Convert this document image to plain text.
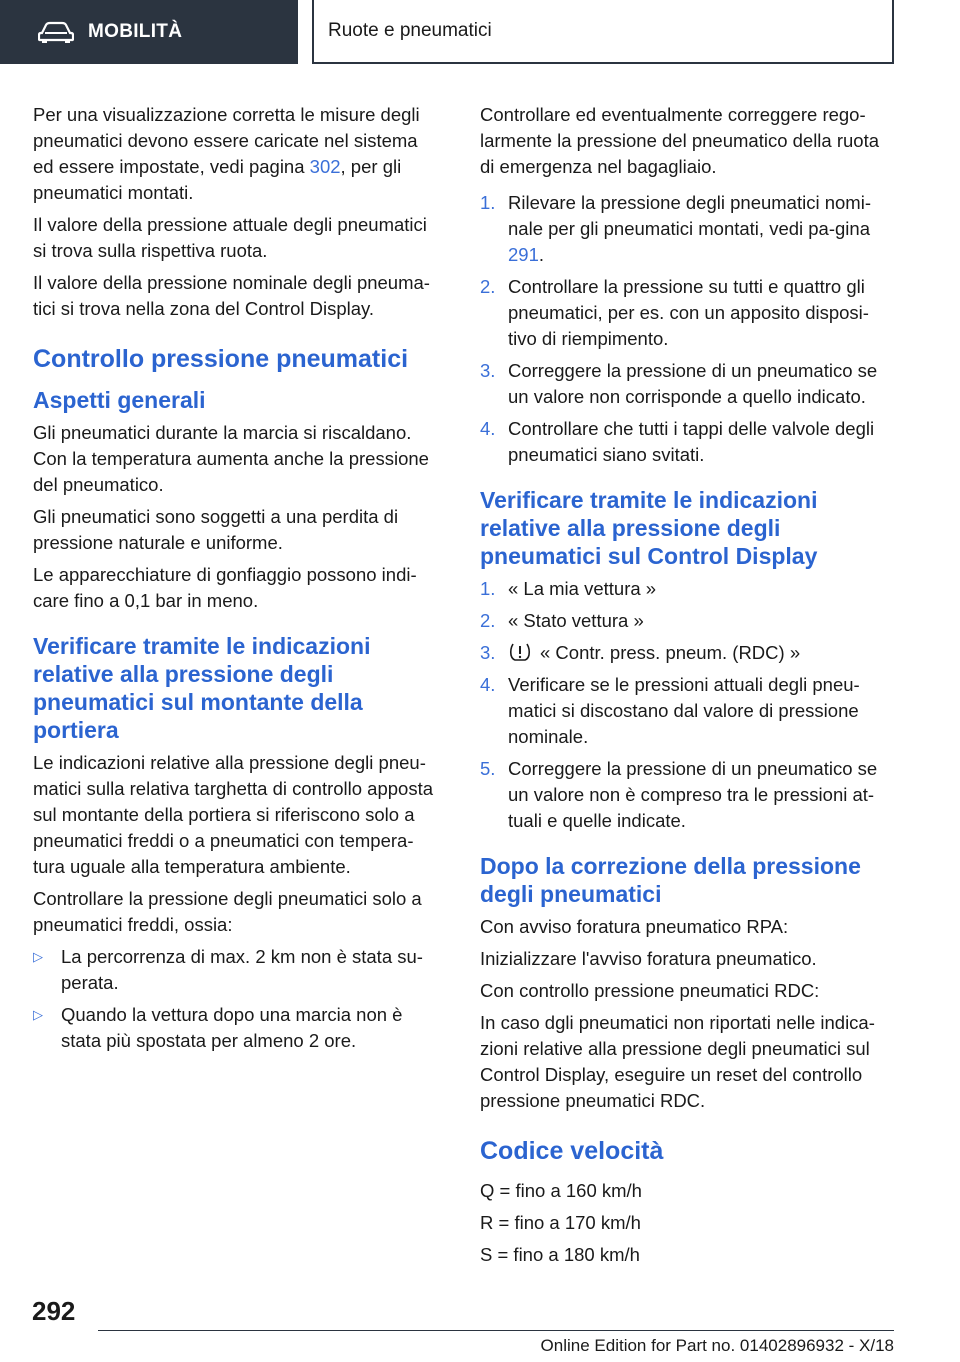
MOBILITÀ	Ruote e pneumatici

Per una visualizzazione corretta le misure degli pneumatici devono essere caricate nel sistema ed essere impostate, vedi pagina 302, per gli pneumatici montati.

Il valore della pressione attuale degli pneumatici si trova sulla rispettiva ruota.

Il valore della pressione nominale degli pneuma-tici si trova nella zona del Control Display.

Controllo pressione pneumatici
Aspetti generali

Gli pneumatici durante la marcia si riscaldano. Con la temperatura aumenta anche la pressione del pneumatico.

Gli pneumatici sono soggetti a una perdita di pressione naturale e uniforme.

Le apparecchiature di gonfiaggio possono indi-care fino a 0,1 bar in meno.

Verificare tramite le indicazioni relative alla pressione degli pneumatici sul montante della portiera

Le indicazioni relative alla pressione degli pneu-matici sulla relativa targhetta di controllo apposta sul montante della portiera si riferiscono solo a pneumatici freddi o a pneumatici con tempera-tura uguale alla temperatura ambiente.

Controllare la pressione degli pneumatici solo a pneumatici freddi, ossia:

▷ La percorrenza di max. 2 km non è stata su-perata.
▷ Quando la vettura dopo una marcia non è stata più spostata per almeno 2 ore.

Controllare ed eventualmente correggere rego-larmente la pressione del pneumatico della ruota di emergenza nel bagagliaio.

1. Rilevare la pressione degli pneumatici nomi-nale per gli pneumatici montati, vedi pa-gina 291.
2. Controllare la pressione su tutti e quattro gli pneumatici, per es. con un apposito disposi-tivo di riempimento.
3. Correggere la pressione di un pneumatico se un valore non corrisponde a quello indicato.
4. Controllare che tutti i tappi delle valvole degli pneumatici siano svitati.
Verificare tramite le indicazioni relative alla pressione degli pneumatici sul Control Display
1. « La mia vettura »
2. « Stato vettura »
3.	« Contr. press. pneum. (RDC) »
4. Verificare se le pressioni attuali degli pneu-matici si discostano dal valore di pressione nominale.
5. Correggere la pressione di un pneumatico se un valore non è compreso tra le pressioni at-tuali e quelle indicate.
Dopo la correzione della pressione degli pneumatici

Con avviso foratura pneumatico RPA:

Inizializzare l'avviso foratura pneumatico.

Con controllo pressione pneumatici RDC:

In caso dgli pneumatici non riportati nelle indica-zioni relative alla pressione degli pneumatici sul Control Display, eseguire un reset del controllo pressione pneumatici RDC.

Codice velocità

Q = fino a 160 km/h

R = fino a 170 km/h

S = fino a 180 km/h

292
Online Edition for Part no. 01402896932 - X/18
